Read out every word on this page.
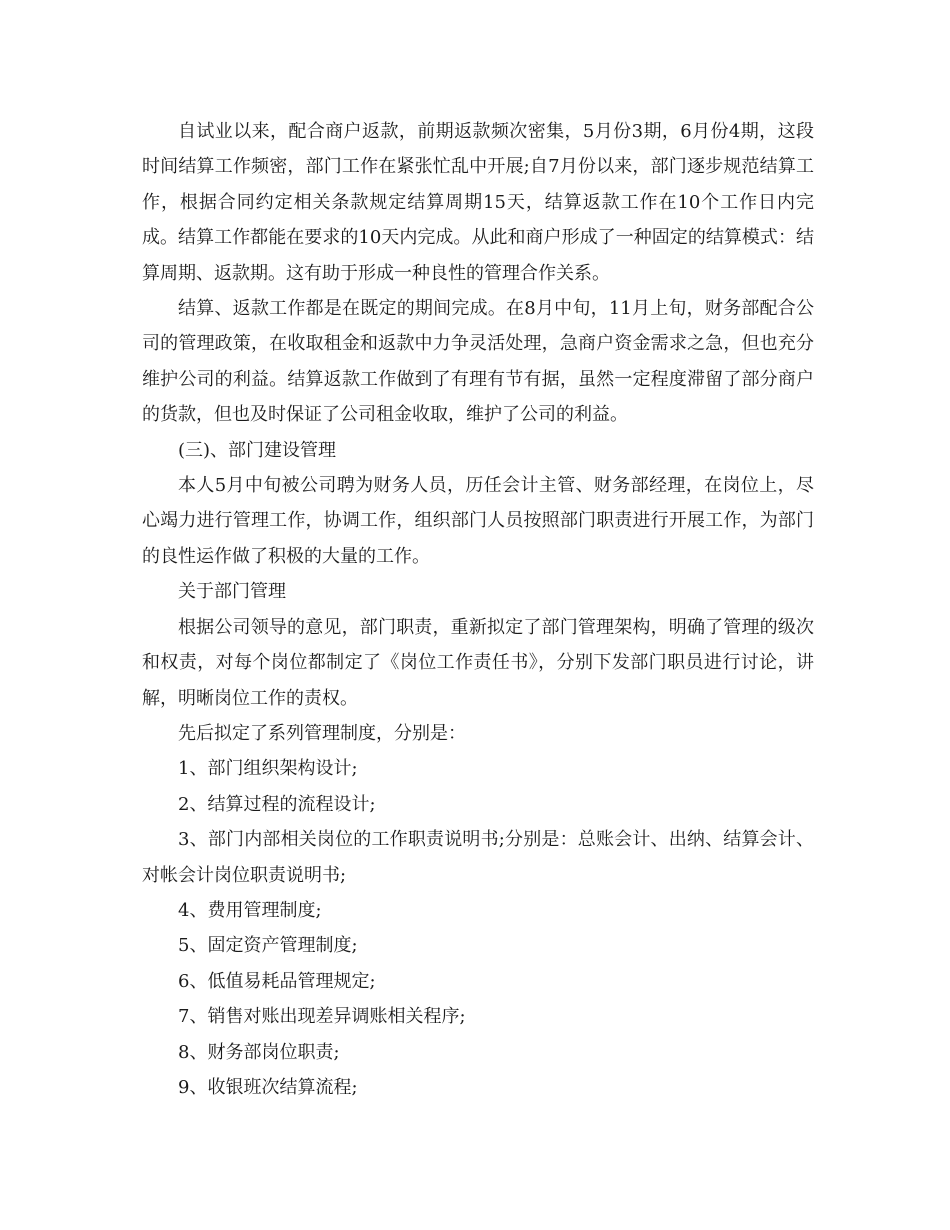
自试业以来，配合商户返款，前期返款频次密集，5月份3期，6月份4期，这段时间结算工作频密，部门工作在紧张忙乱中开展;自7月份以来，部门逐步规范结算工作，根据合同约定相关条款规定结算周期15天，结算返款工作在10个工作日内完成。结算工作都能在要求的10天内完成。从此和商户形成了一种固定的结算模式：结算周期、返款期。这有助于形成一种良性的管理合作关系。

结算、返款工作都是在既定的期间完成。在8月中旬，11月上旬，财务部配合公司的管理政策，在收取租金和返款中力争灵活处理，急商户资金需求之急，但也充分维护公司的利益。结算返款工作做到了有理有节有据，虽然一定程度滞留了部分商户的货款，但也及时保证了公司租金收取，维护了公司的利益。

(三)、部门建设管理

本人5月中旬被公司聘为财务人员，历任会计主管、财务部经理，在岗位上，尽心竭力进行管理工作，协调工作，组织部门人员按照部门职责进行开展工作，为部门的良性运作做了积极的大量的工作。

关于部门管理

根据公司领导的意见，部门职责，重新拟定了部门管理架构，明确了管理的级次和权责，对每个岗位都制定了《岗位工作责任书》，分别下发部门职员进行讨论，讲解，明晰岗位工作的责权。

先后拟定了系列管理制度，分别是：

1、部门组织架构设计;

2、结算过程的流程设计;

3、部门内部相关岗位的工作职责说明书;分别是：总账会计、出纳、结算会计、对帐会计岗位职责说明书;

4、费用管理制度;

5、固定资产管理制度;

6、低值易耗品管理规定;

7、销售对账出现差异调账相关程序;

8、财务部岗位职责;

9、收银班次结算流程;
